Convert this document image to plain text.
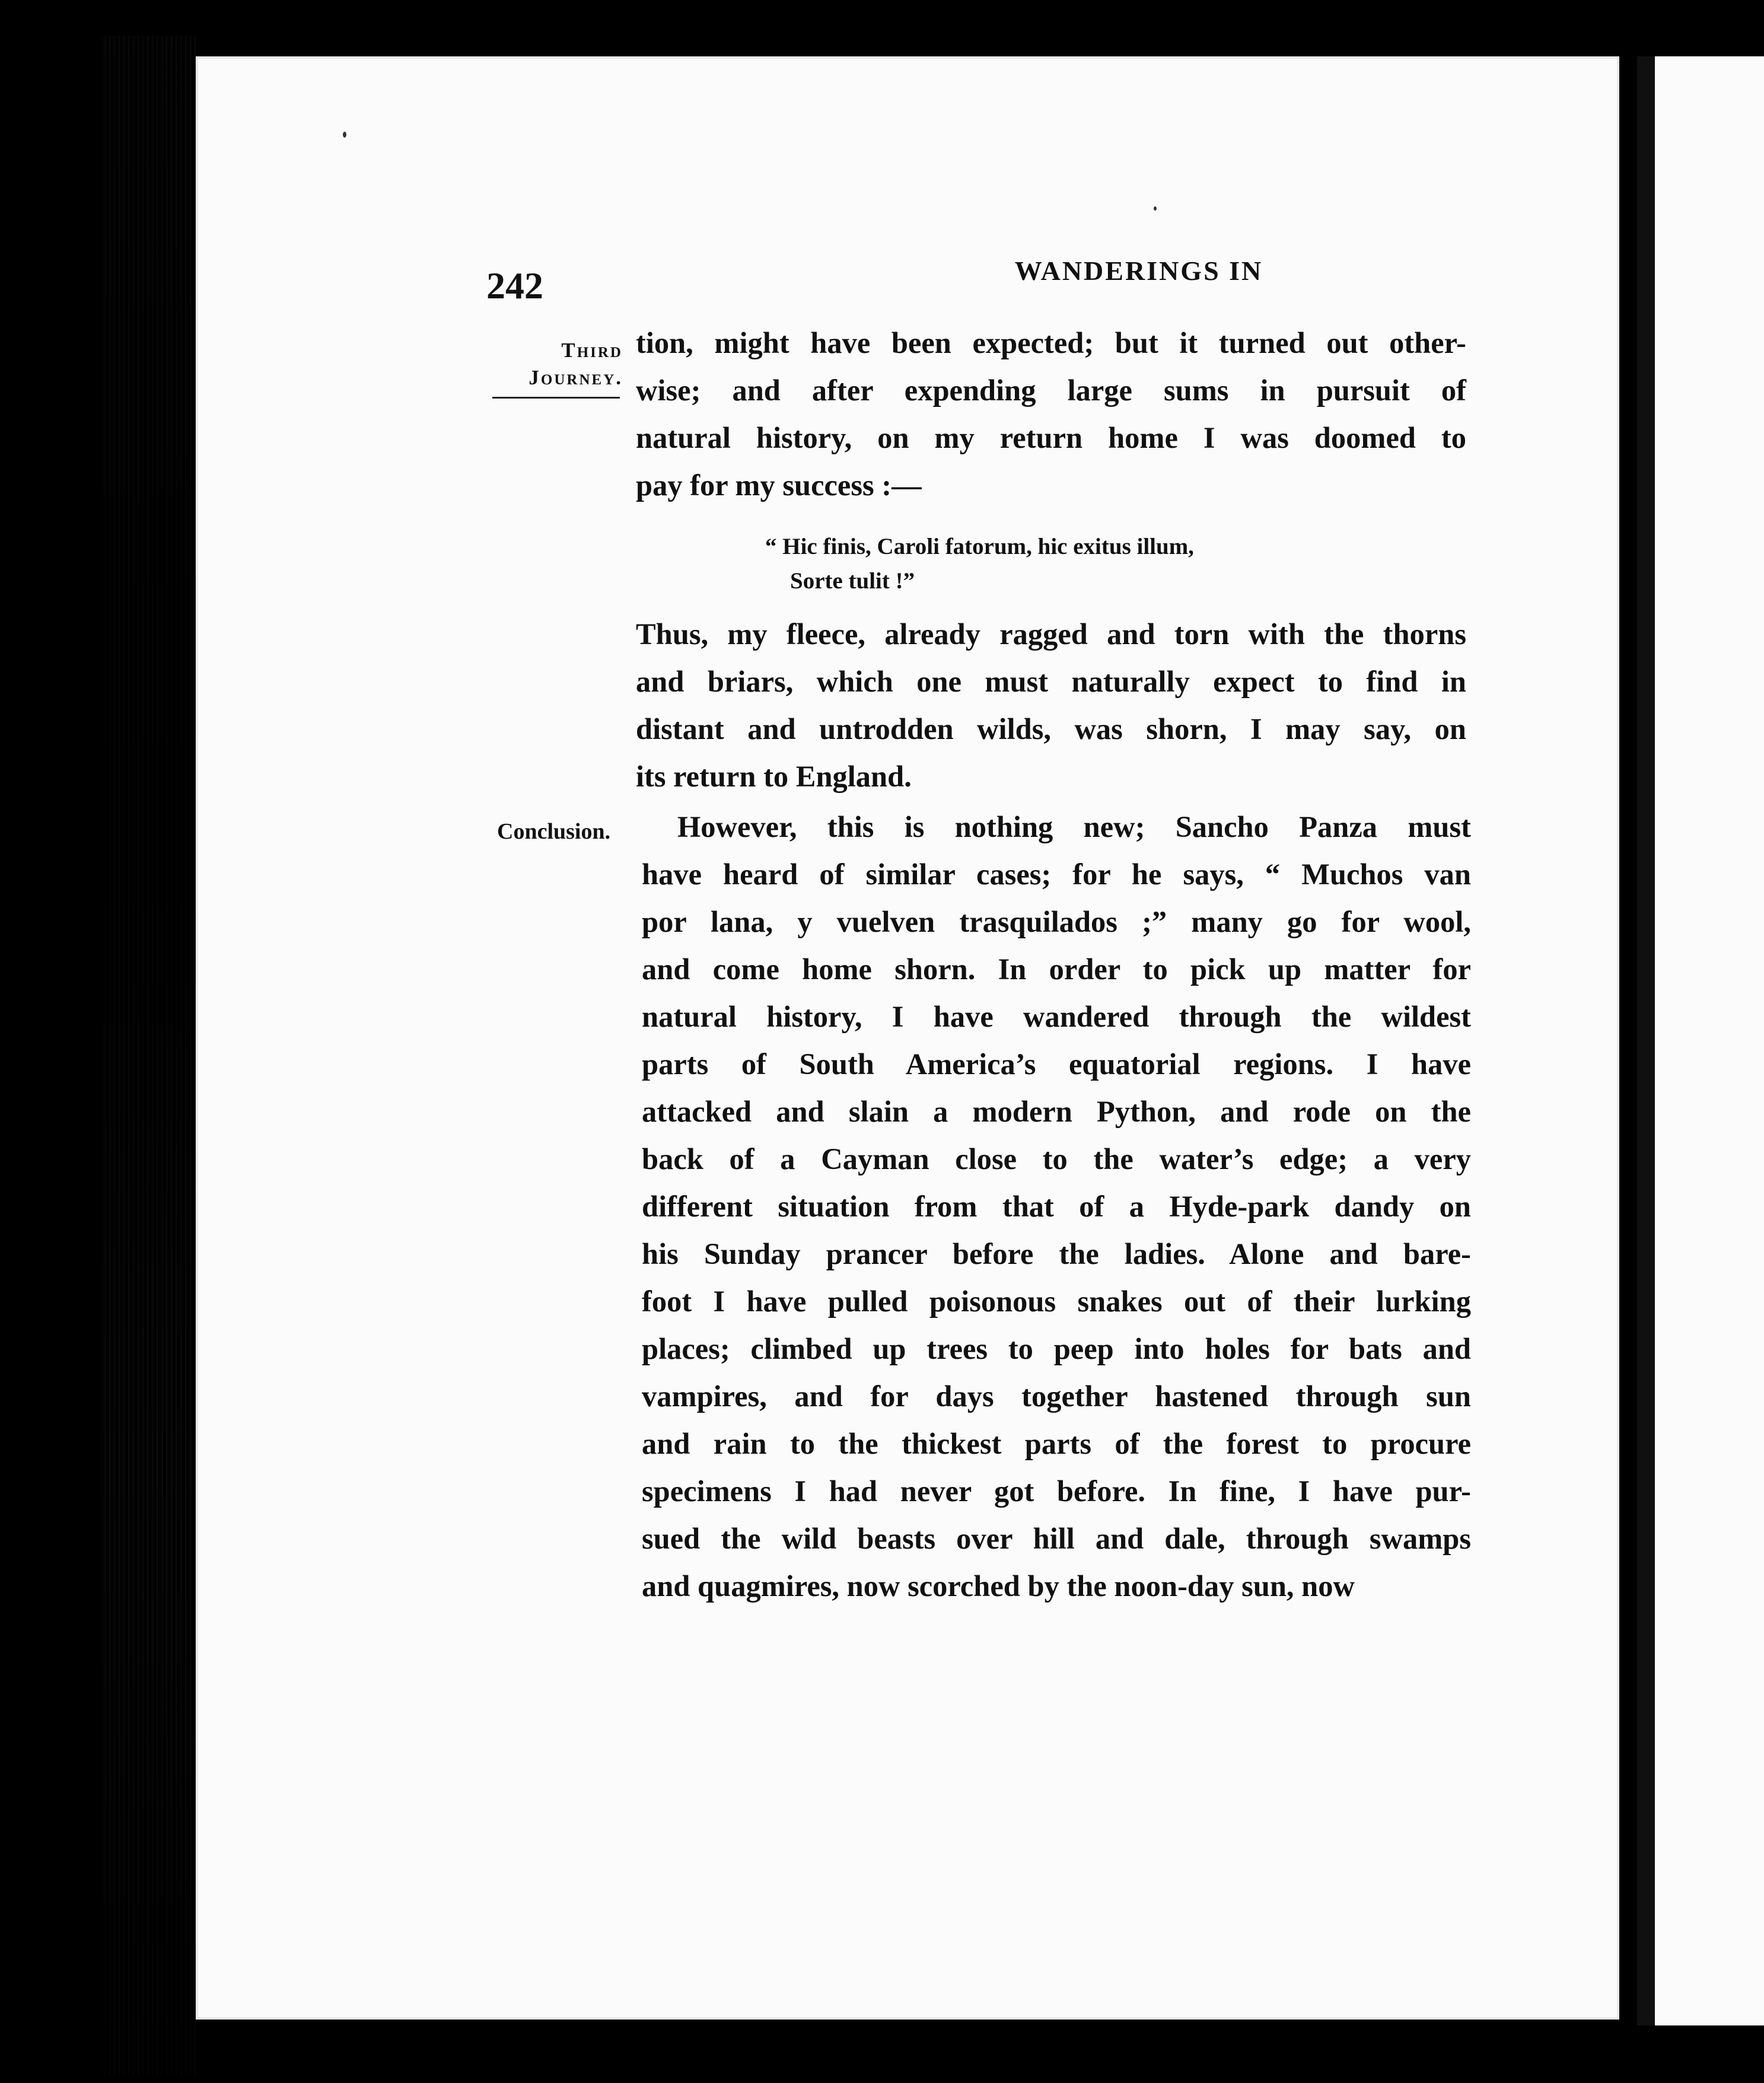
242	WANDERINGS IN
Third
Journey.
Conclusion.
tion, might have been expected; but it turned out other-
wise; and after expending large sums in pursuit of
natural history, on my return home I was doomed to
pay for my success :—
“ Hic finis, Caroli fatorum, hic exitus illum,
Sorte tulit !”
Thus, my fleece, already ragged and torn with the thorns
and briars, which one must naturally expect to find in
distant and untrodden wilds, was shorn, I may say, on
its return to England.
However, this is nothing new; Sancho Panza must
have heard of similar cases; for he says, “ Muchos van
por lana, y vuelven trasquilados ;” many go for wool,
and come home shorn. In order to pick up matter for
natural history, I have wandered through the wildest
parts of South America’s equatorial regions. I have
attacked and slain a modern Python, and rode on the
back of a Cayman close to the water’s edge; a very
different situation from that of a Hyde-park dandy on
his Sunday prancer before the ladies. Alone and bare-
foot I have pulled poisonous snakes out of their lurking
places; climbed up trees to peep into holes for bats and
vampires, and for days together hastened through sun
and rain to the thickest parts of the forest to procure
specimens I had never got before. In fine, I have pur-
sued the wild beasts over hill and dale, through swamps
and quagmires, now scorched by the noon-day sun, now
